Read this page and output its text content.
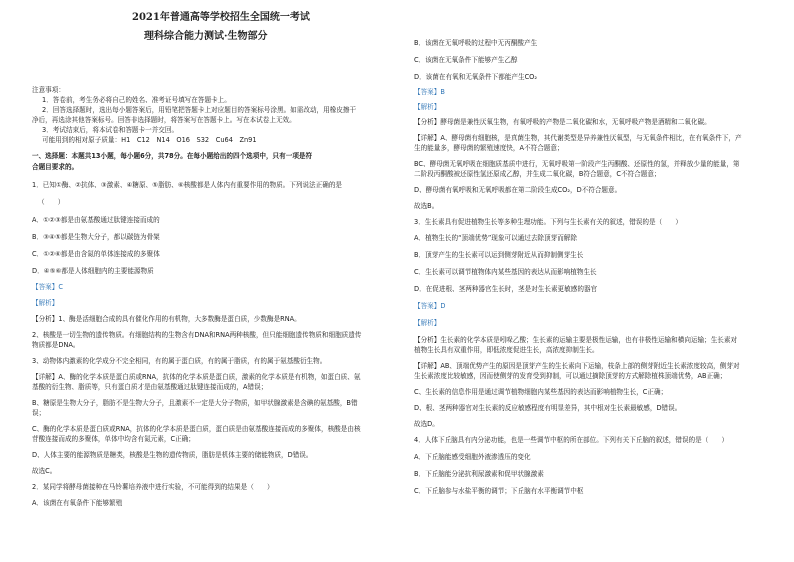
2021年普通高等学校招生全国统一考试
理科综合能力测试·生物部分
注意事项：
1．答卷前，考生务必将自己的姓名、准考证号填写在答题卡上。
2．回答选择题时，选出每小题答案后，用铅笔把答题卡上对应题目的答案标号涂黑。如需改动，用橡皮擦干
净后，再选涂其他答案标号。回答非选择题时，将答案写在答题卡上。写在本试卷上无效。
3．考试结束后，将本试卷和答题卡一并交回。
可能用到的相对原子质量：H1　C12　N14　O16　S32　Cu64　Zn91
一、选择题：本题共13小题，每小题6分，共78分。在每小题给出的四个选项中，只有一项是符
合题目要求的。
1．已知①酶、②抗体、③激素、④糖原、⑤脂肪、⑥核酸都是人体内有重要作用的物质。下列说法正确的是
（　　）
A．①②③都是由氨基酸通过肽键连接而成的
B．③④⑤都是生物大分子，都以碳链为骨架
C．①②⑥都是由含氮的单体连接成的多聚体
D．④⑤⑥都是人体细胞内的主要能源物质
【答案】C
【解析】
【分析】1、酶是活细胞合成的具有催化作用的有机物，大多数酶是蛋白质，少数酶是RNA。
2、核酸是一切生物的遗传物质。有细胞结构的生物含有DNA和RNA两种核酸，但只能细胞遗传物质和细胞质遗传
物质都是DNA。
3、动物体内激素的化学成分不完全相同，有的属于蛋白质，有的属于脂质，有的属于氨基酸衍生物。
【详解】A、酶的化学本质是蛋白质或RNA，抗体的化学本质是蛋白质，激素的化学本质是有机物，如蛋白质、氨
基酸的衍生物、脂质等，只有蛋白质才是由氨基酸通过肽键连接而成的，A错误；
B、糖原是生物大分子，脂肪不是生物大分子，且激素不一定是大分子物质，如甲状腺激素是含碘的氨基酸，B错
误；
C、酶的化学本质是蛋白质或RNA，抗体的化学本质是蛋白质，蛋白质是由氨基酸连接而成的多聚体，核酸是由核
苷酸连接而成的多聚体，单体中均含有氮元素，C正确；
D、人体主要的能源物质是糖类，核酸是生物的遗传物质，脂肪是机体主要的储能物质，D错误。
故选C。
2．某同学将酵母菌接种在马铃薯培养液中进行实验，不可能得到的结果是（　　）
A．该菌在有氧条件下能够繁殖
B．该菌在无氧呼吸的过程中无丙酮酸产生
C．该菌在无氧条件下能够产生乙醇
D．该菌在有氧和无氧条件下都能产生CO₂
【答案】B
【解析】
【分析】酵母菌是兼性厌氧生物，有氧呼吸的产物是二氧化碳和水，无氧呼吸产物是酒精和二氧化碳。
【详解】A、酵母菌有细胞核，是真菌生物，其代谢类型是异养兼性厌氧型，与无氧条件相比，在有氧条件下，产
生的能量多，酵母菌的繁殖速度快，A不符合题意；
BC、酵母菌无氧呼吸在细胞质基质中进行，无氧呼吸第一阶段产生丙酮酸、还原性的氢，并释放少量的能量，第
二阶段丙酮酸被还原性氢还原成乙醇，并生成二氧化碳，B符合题意，C不符合题意；
D、酵母菌有氧呼吸和无氧呼吸都在第二阶段生成CO₂，D不符合题意。
故选B。
3．生长素具有促进植物生长等多种生理功能。下列与生长素有关的叙述，错误的是（　　）
A．植物生长的“顶端优势”现象可以通过去除顶芽而解除
B．顶芽产生的生长素可以运到侧芽附近从而抑制侧芽生长
C．生长素可以调节植物体内某些基因的表达从而影响植物生长
D．在促进根、茎两种器官生长时，茎是对生长素更敏感的器官
【答案】D
【解析】
【分析】生长素的化学本质是吲哚乙酸；生长素的运输主要是极性运输，也有非极性运输和横向运输；生长素对
植物生长具有双重作用，即低浓度促进生长，高浓度抑制生长。
【详解】AB、顶端优势产生的原因是顶芽产生的生长素向下运输，枝条上部的侧芽附近生长素浓度较高，侧芽对
生长素浓度比较敏感，因而使侧芽的发育受到抑制，可以通过摘除顶芽的方式解除植株顶端优势，AB正确；
C、生长素的信息作用是通过调节植物细胞内某些基因的表达而影响植物生长，C正确；
D、根、茎两种器官对生长素的反应敏感程度有明显差异，其中根对生长素最敏感，D错误。
故选D。
4．人体下丘脑具有内分泌功能，也是一些调节中枢的所在部位。下列有关下丘脑的叙述，错误的是（　　）
A．下丘脑能感受细胞外液渗透压的变化
B．下丘脑能分泌抗利尿激素和促甲状腺激素
C．下丘脑参与水盐平衡的调节；下丘脑有水平衡调节中枢
